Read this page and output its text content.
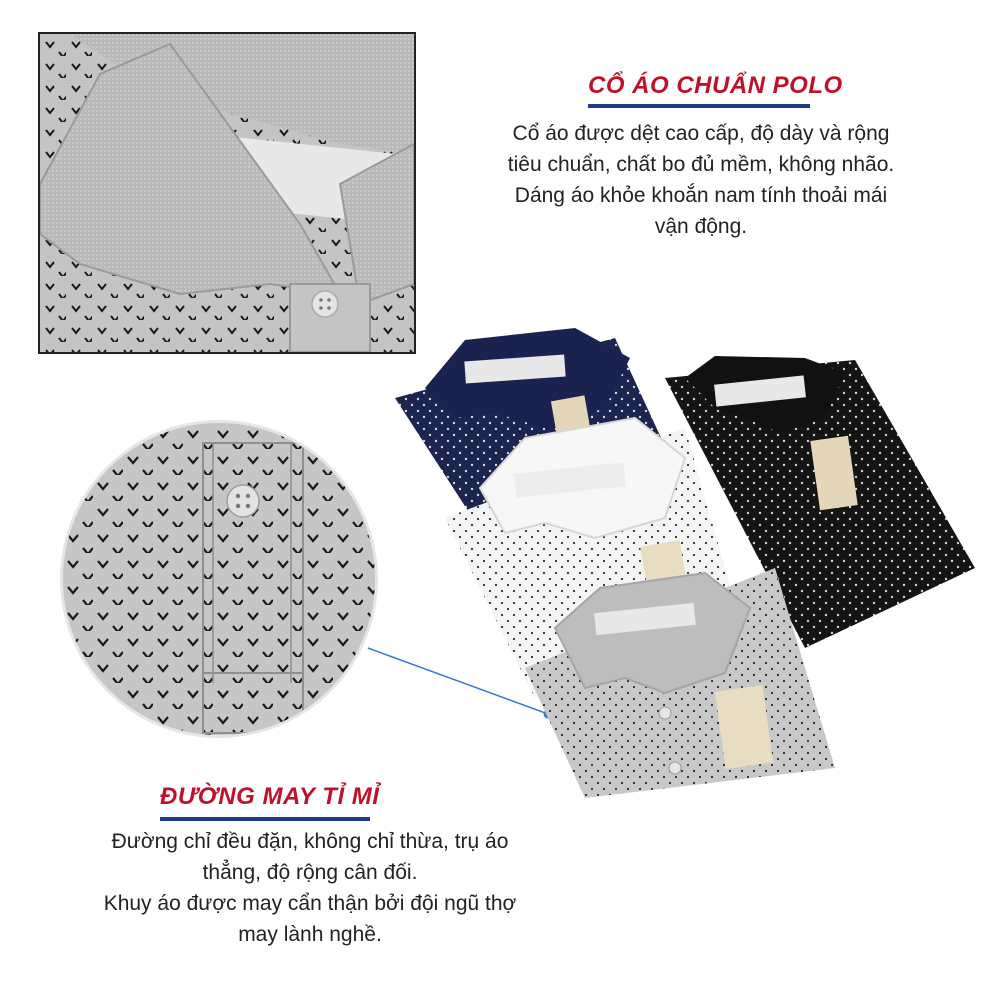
CỔ ÁO CHUẨN POLO
Cổ áo được dệt cao cấp, độ dày và rộng
tiêu chuẩn, chất bo đủ mềm, không nhão.
Dáng áo khỏe khoắn nam tính thoải mái
vận động.
ĐƯỜNG MAY TỈ MỈ
Đường chỉ đều đặn, không chỉ thừa, trụ áo
thẳng, độ rộng cân đối.
Khuy áo được may cẩn thận bởi đội ngũ thợ
may lành nghề.
